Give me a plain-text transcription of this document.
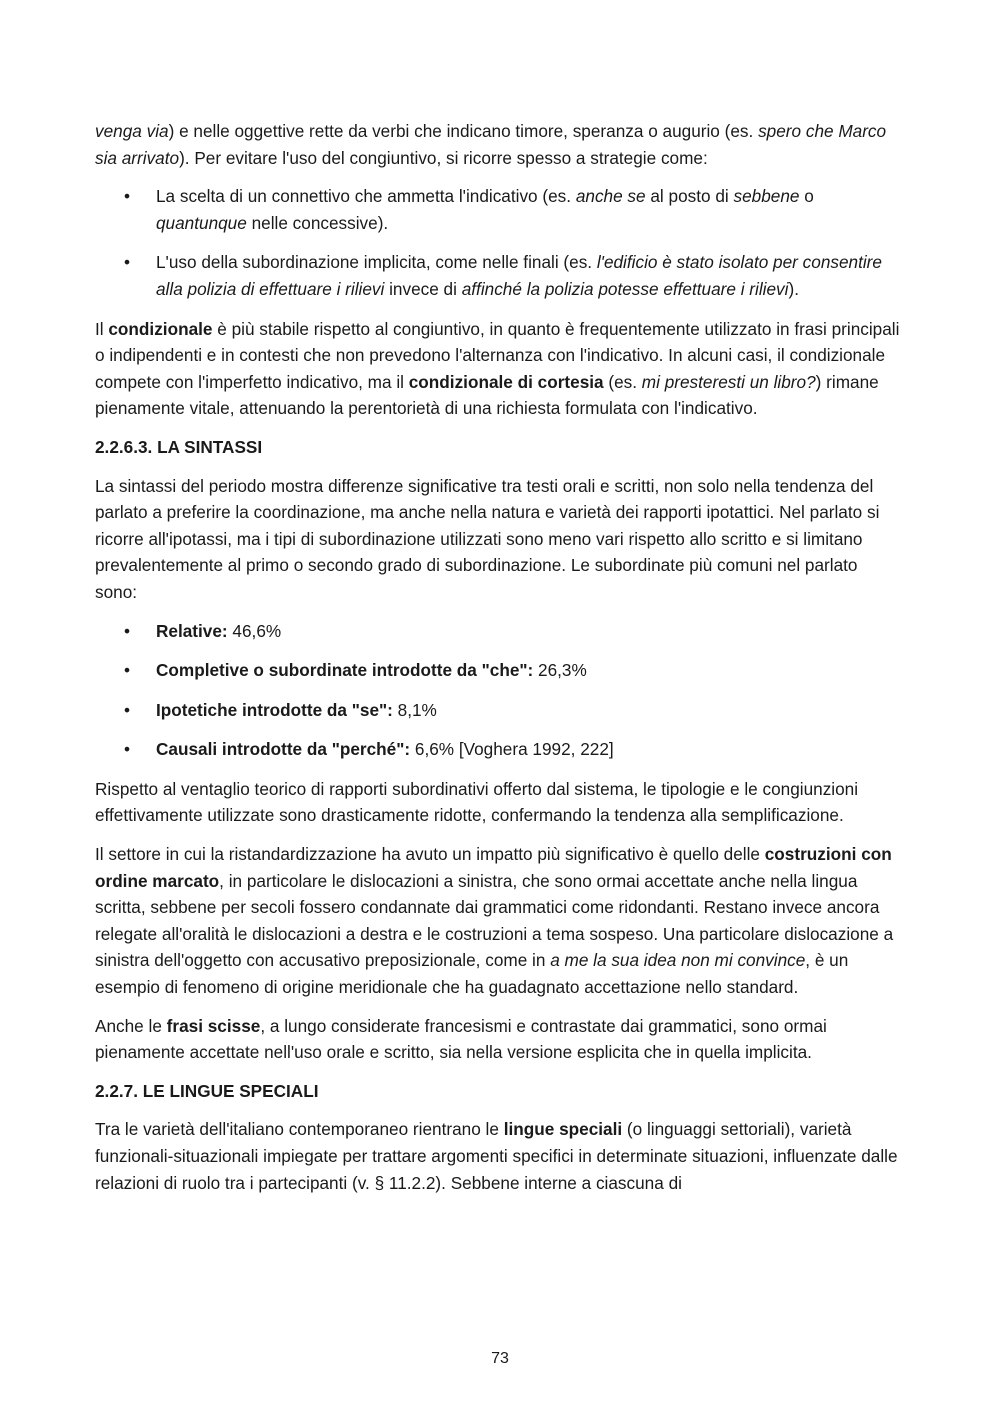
venga via) e nelle oggettive rette da verbi che indicano timore, speranza o augurio (es. spero che Marco sia arrivato). Per evitare l'uso del congiuntivo, si ricorre spesso a strategie come:

• La scelta di un connettivo che ammetta l'indicativo (es. anche se al posto di sebbene o quantunque nelle concessive).
• L'uso della subordinazione implicita, come nelle finali (es. l'edificio è stato isolato per consentire alla polizia di effettuare i rilievi invece di affinché la polizia potesse effettuare i rilievi).

Il condizionale è più stabile rispetto al congiuntivo, in quanto è frequentemente utilizzato in frasi principali o indipendenti e in contesti che non prevedono l'alternanza con l'indicativo. In alcuni casi, il condizionale compete con l'imperfetto indicativo, ma il condizionale di cortesia (es. mi presteresti un libro?) rimane pienamente vitale, attenuando la perentorietà di una richiesta formulata con l'indicativo.

2.2.6.3. LA SINTASSI

La sintassi del periodo mostra differenze significative tra testi orali e scritti, non solo nella tendenza del parlato a preferire la coordinazione, ma anche nella natura e varietà dei rapporti ipotattici. Nel parlato si ricorre all'ipotassi, ma i tipi di subordinazione utilizzati sono meno vari rispetto allo scritto e si limitano prevalentemente al primo o secondo grado di subordinazione. Le subordinate più comuni nel parlato sono:

• Relative: 46,6%
• Completive o subordinate introdotte da "che": 26,3%
• Ipotetiche introdotte da "se": 8,1%
• Causali introdotte da "perché": 6,6% [Voghera 1992, 222]

Rispetto al ventaglio teorico di rapporti subordinativi offerto dal sistema, le tipologie e le congiunzioni effettivamente utilizzate sono drasticamente ridotte, confermando la tendenza alla semplificazione.

Il settore in cui la ristandardizzazione ha avuto un impatto più significativo è quello delle costruzioni con ordine marcato, in particolare le dislocazioni a sinistra, che sono ormai accettate anche nella lingua scritta, sebbene per secoli fossero condannate dai grammatici come ridondanti. Restano invece ancora relegate all'oralità le dislocazioni a destra e le costruzioni a tema sospeso. Una particolare dislocazione a sinistra dell'oggetto con accusativo preposizionale, come in a me la sua idea non mi convince, è un esempio di fenomeno di origine meridionale che ha guadagnato accettazione nello standard.

Anche le frasi scisse, a lungo considerate francesismi e contrastate dai grammatici, sono ormai pienamente accettate nell'uso orale e scritto, sia nella versione esplicita che in quella implicita.

2.2.7. LE LINGUE SPECIALI

Tra le varietà dell'italiano contemporaneo rientrano le lingue speciali (o linguaggi settoriali), varietà funzionali-situazionali impiegate per trattare argomenti specifici in determinate situazioni, influenzate dalle relazioni di ruolo tra i partecipanti (v. § 11.2.2). Sebbene interne a ciascuna di

73
